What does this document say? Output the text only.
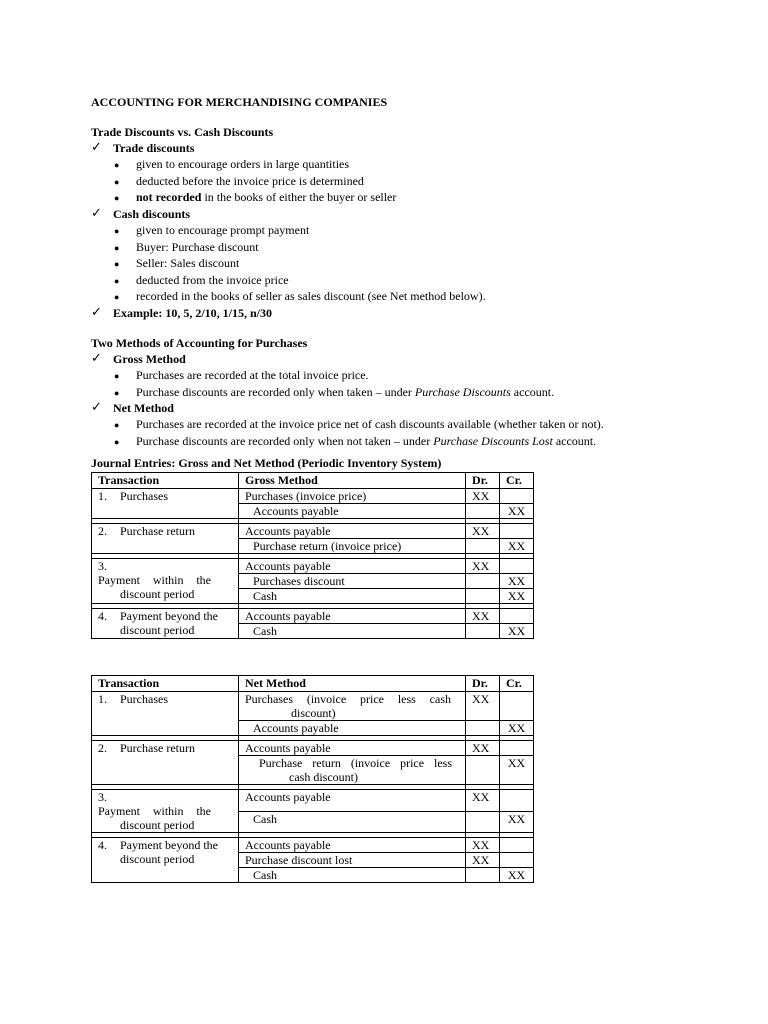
ACCOUNTING FOR MERCHANDISING COMPANIES
Trade Discounts vs. Cash Discounts
✓ Trade discounts
● given to encourage orders in large quantities
● deducted before the invoice price is determined
● not recorded in the books of either the buyer or seller
✓ Cash discounts
● given to encourage prompt payment
● Buyer: Purchase discount
● Seller: Sales discount
● deducted from the invoice price
● recorded in the books of seller as sales discount (see Net method below).
✓ Example: 10, 5, 2/10, 1/15, n/30
Two Methods of Accounting for Purchases
✓ Gross Method
● Purchases are recorded at the total invoice price.
● Purchase discounts are recorded only when taken – under Purchase Discounts account.
✓ Net Method
● Purchases are recorded at the invoice price net of cash discounts available (whether taken or not).
● Purchase discounts are recorded only when not taken – under Purchase Discounts Lost account.
Journal Entries: Gross and Net Method (Periodic Inventory System)
Transaction	Gross Method	Dr.	Cr.
1. Purchases	Purchases (invoice price)	XX	
	Accounts payable		XX

2. Purchase return	Accounts payable	XX	
	Purchase return (invoice price)		XX

3.Payment within the
discount period	Accounts payable	XX	
	Purchases discount		XX
	Cash		XX

4. Payment beyond the
discount period	Accounts payable	XX	
	Cash		XX
Transaction	Net Method	Dr.	Cr.
1. Purchases	Purchases (invoice price less cash
discount)	XX	
	Accounts payable		XX

2. Purchase return	Accounts payable	XX	
	Purchase return (invoice price less
cash discount)		XX

3.Payment within the
discount period	Accounts payable	XX	
	Cash		XX

4. Payment beyond the
discount period	Accounts payable	XX	
	Purchase discount lost	XX	
	Cash		XX
